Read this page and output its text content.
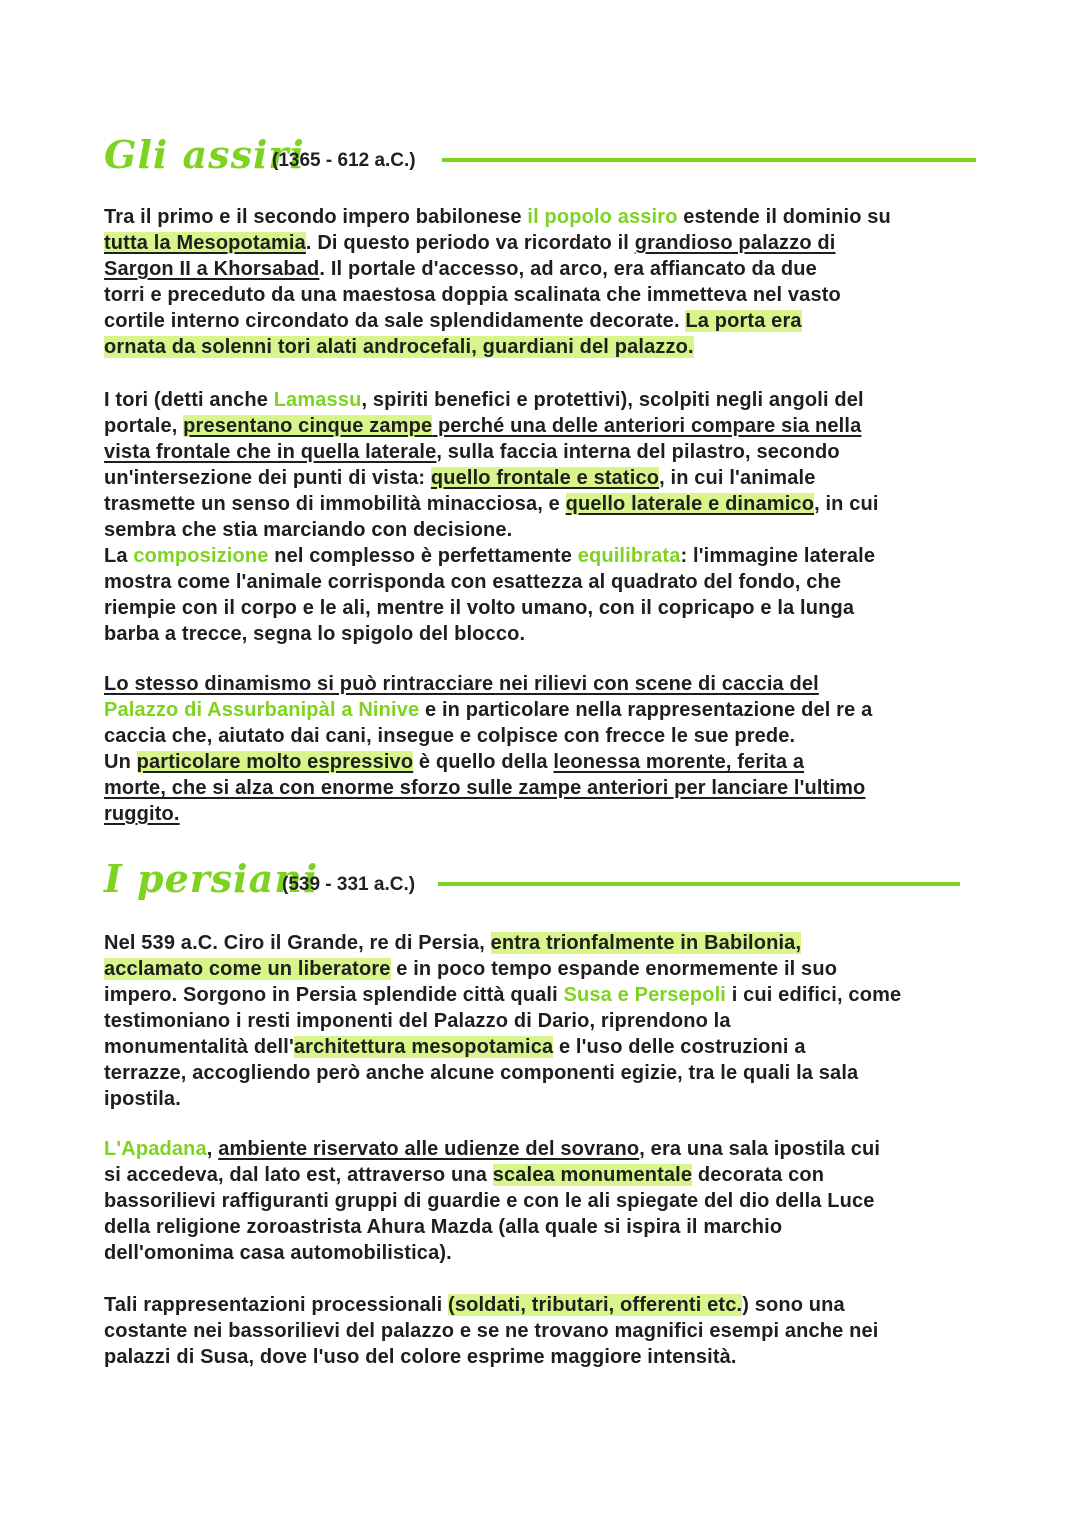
Gli assiri
(1365 - 612 a.C.)
Tra il primo e il secondo impero babilonese il popolo assiro estende il dominio su
tutta la Mesopotamia. Di questo periodo va ricordato il grandioso palazzo di
Sargon II a Khorsabad. Il portale d'accesso, ad arco, era affiancato da due
torri e preceduto da una maestosa doppia scalinata che immetteva nel vasto
cortile interno circondato da sale splendidamente decorate. La porta era
ornata da solenni tori alati androcefali, guardiani del palazzo.
I tori (detti anche Lamassu, spiriti benefici e protettivi), scolpiti negli angoli del
portale, presentano cinque zampe perché una delle anteriori compare sia nella
vista frontale che in quella laterale, sulla faccia interna del pilastro, secondo
un'intersezione dei punti di vista: quello frontale e statico, in cui l'animale
trasmette un senso di immobilità minacciosa, e quello laterale e dinamico, in cui
sembra che stia marciando con decisione.
La composizione nel complesso è perfettamente equilibrata: l'immagine laterale
mostra come l'animale corrisponda con esattezza al quadrato del fondo, che
riempie con il corpo e le ali, mentre il volto umano, con il copricapo e la lunga
barba a trecce, segna lo spigolo del blocco.
Lo stesso dinamismo si può rintracciare nei rilievi con scene di caccia del
Palazzo di Assurbanipàl a Ninive e in particolare nella rappresentazione del re a
caccia che, aiutato dai cani, insegue e colpisce con frecce le sue prede.
Un particolare molto espressivo è quello della leonessa morente, ferita a
morte, che si alza con enorme sforzo sulle zampe anteriori per lanciare l'ultimo
ruggito.
I persiani
(539 - 331 a.C.)
Nel 539 a.C. Ciro il Grande, re di Persia, entra trionfalmente in Babilonia,
acclamato come un liberatore e in poco tempo espande enormemente il suo
impero. Sorgono in Persia splendide città quali Susa e Persepoli i cui edifici, come
testimoniano i resti imponenti del Palazzo di Dario, riprendono la
monumentalità dell'architettura mesopotamica e l'uso delle costruzioni a
terrazze, accogliendo però anche alcune componenti egizie, tra le quali la sala
ipostila.
L'Apadana, ambiente riservato alle udienze del sovrano, era una sala ipostila cui
si accedeva, dal lato est, attraverso una scalea monumentale decorata con
bassorilievi raffiguranti gruppi di guardie e con le ali spiegate del dio della Luce
della religione zoroastrista Ahura Mazda (alla quale si ispira il marchio
dell'omonima casa automobilistica).
Tali rappresentazioni processionali (soldati, tributari, offerenti etc.) sono una
costante nei bassorilievi del palazzo e se ne trovano magnifici esempi anche nei
palazzi di Susa, dove l'uso del colore esprime maggiore intensità.
